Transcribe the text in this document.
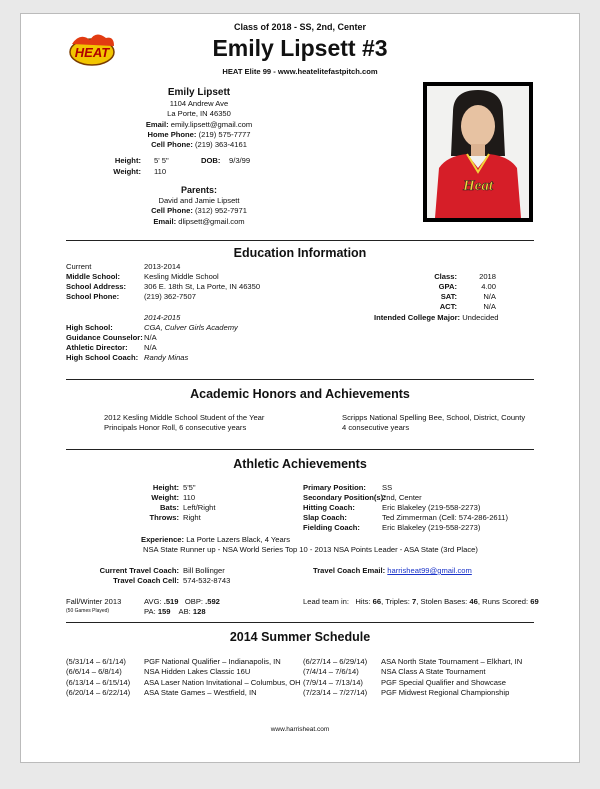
HEAT
Class of 2018 - SS, 2nd, Center
Emily Lipsett #3
HEAT Elite 99 - www.heatelitefastpitch.com
Emily Lipsett
1104 Andrew Ave
La Porte, IN 46350
Email: emily.lipsett@gmail.com
Home Phone: (219) 575-7777
Cell Phone: (219) 363-4161
Height: 5' 5"	DOB: 9/3/99
Weight: 110
Parents:
David and Jamie Lipsett
Cell Phone: (312) 952-7971
Email: dlipsett@gmail.com
Heat
Education Information
Current	2013-2014
Middle School:	Kesling Middle School
School Address: 306 E. 18th St, La Porte, IN 46350
School Phone:	(219) 362-7507
Class:	2018
GPA:	4.00
SAT:	N/A
ACT:	N/A
2014-2015	Intended College Major: Undecided
High School:	CGA, Culver Girls Academy
Guidance Counselor: N/A
Athletic Director: N/A
High School Coach: Randy Minas
Academic Honors and Achievements
2012 Kesling Middle School Student of the Year
Principals Honor Roll, 6 consecutive years
Scripps National Spelling Bee, School, District, County
4 consecutive years
Athletic Achievements
Height: 5'5"
Weight: 110
Bats: Left/Right
Throws: Right
Primary Position: SS
Secondary Position(s):
2nd, Center
Hitting Coach:	Eric Blakeley (219-558-2273)
Slap Coach:	Ted Zimmerman (Cell: 574-286-2611)
Fielding Coach:	Eric Blakeley (219-558-2273)
Experience: La Porte Lazers Black, 4 Years
NSA State Runner up - NSA World Series Top 10 - 2013 NSA Points Leader - ASA State (3rd Place)
Current Travel Coach: Bill Bollinger
Travel Coach Cell: 574-532-8743
Travel Coach Email: harrisheat99@gmail.com
Fall/Winter 2013
(50 Games Played)
AVG: .519 OBP: .592
PA: 159 AB: 128
Lead team in: Hits: 66, Triples: 7, Stolen Bases: 46, Runs Scored: 69
2014 Summer Schedule
(5/31/14 – 6/1/14)	PGF National Qualifier – Indianapolis, IN
(6/6/14 – 6/8/14)	NSA Hidden Lakes Classic 16U
(6/13/14 – 6/15/14)	ASA Laser Nation Invitational – Columbus, OH
(6/20/14 – 6/22/14)	ASA State Games – Westfield, IN
(6/27/14 – 6/29/14)	ASA North State Tournament – Elkhart, IN
(7/4/14 – 7/6/14)	NSA Class A State Tournament
(7/9/14 – 7/13/14)	PGF Special Qualifier and Showcase
(7/23/14 – 7/27/14)	PGF Midwest Regional Championship
www.harrisheat.com
